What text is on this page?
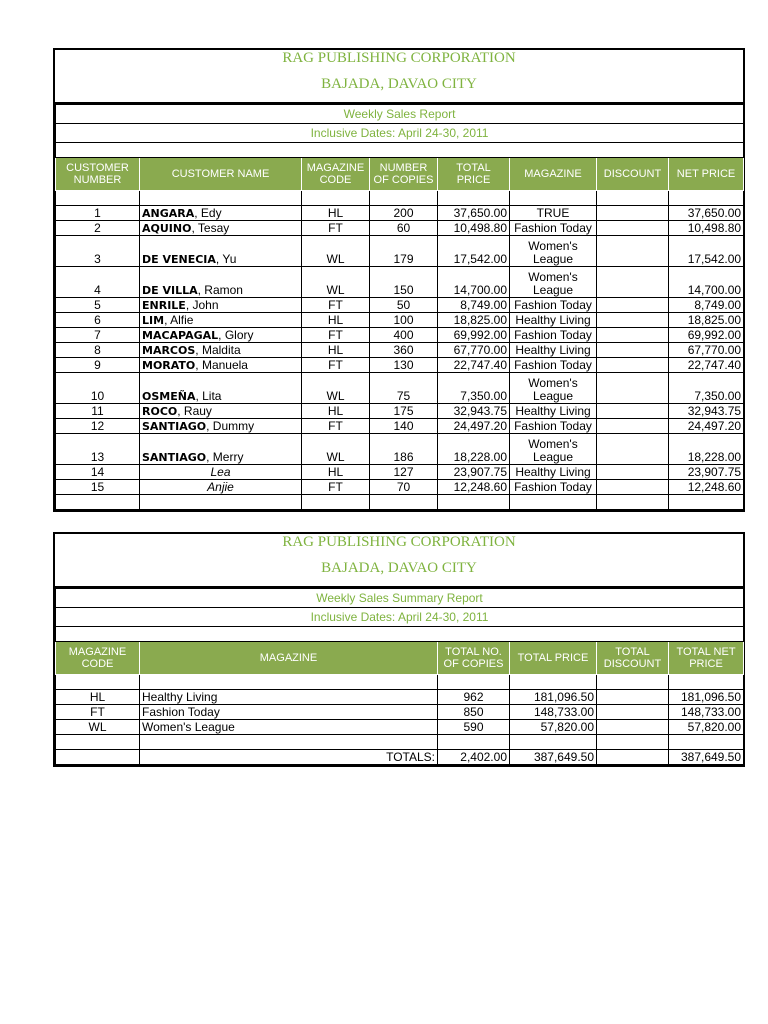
RAG PUBLISHING CORPORATION
BAJADA, DAVAO CITY
Weekly Sales Report							
Inclusive Dates: April 24-30, 2011							

CUSTOMER NUMBER	CUSTOMER NAME	MAGAZINE CODE	NUMBER OF COPIES	TOTAL PRICE	MAGAZINE	DISCOUNT	NET PRICE

1	ANGARA, Edy	HL	200	37,650.00	TRUE		37,650.00
2	AQUINO, Tesay	FT	60	10,498.80	Fashion Today		10,498.80
3	DE VENECIA, Yu	WL	179	17,542.00	Women's League		17,542.00
4	DE VILLA, Ramon	WL	150	14,700.00	Women's League		14,700.00
5	ENRILE, John	FT	50	8,749.00	Fashion Today		8,749.00
6	LIM, Alfie	HL	100	18,825.00	Healthy Living		18,825.00
7	MACAPAGAL, Glory	FT	400	69,992.00	Fashion Today		69,992.00
8	MARCOS, Maldita	HL	360	67,770.00	Healthy Living		67,770.00
9	MORATO, Manuela	FT	130	22,747.40	Fashion Today		22,747.40
10	OSMEÑA, Lita	WL	75	7,350.00	Women's League		7,350.00
11	ROCO, Rauy	HL	175	32,943.75	Healthy Living		32,943.75
12	SANTIAGO, Dummy	FT	140	24,497.20	Fashion Today		24,497.20
13	SANTIAGO, Merry	WL	186	18,228.00	Women's League		18,228.00
14	Lea	HL	127	23,907.75	Healthy Living		23,907.75
15	Anjie	FT	70	12,248.60	Fashion Today		12,248.60

RAG PUBLISHING CORPORATION
BAJADA, DAVAO CITY
Weekly Sales Summary Report					
Inclusive Dates: April 24-30, 2011					

MAGAZINE CODE	MAGAZINE	TOTAL NO. OF COPIES	TOTAL PRICE	TOTAL DISCOUNT	TOTAL NET PRICE

HL	Healthy Living	962	181,096.50		181,096.50
FT	Fashion Today	850	148,733.00		148,733.00
WL	Women's League	590	57,820.00		57,820.00

	TOTALS:	2,402.00	387,649.50		387,649.50
